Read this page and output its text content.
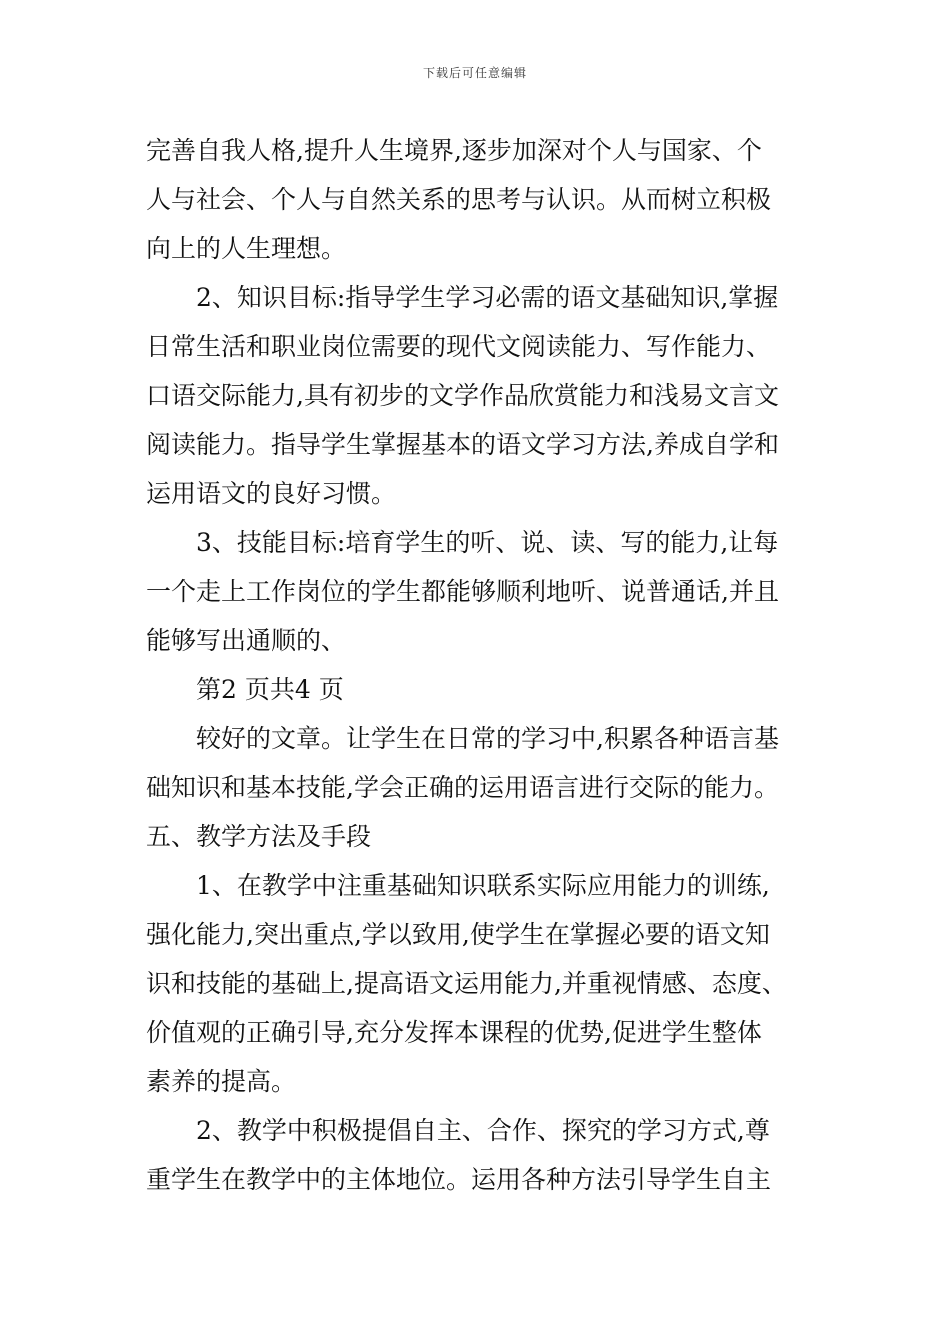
下载后可任意编辑
完善自我人格,提升人生境界,逐步加深对个人与国家、个
人与社会、个人与自然关系的思考与认识。从而树立积极
向上的人生理想。
2、知识目标:指导学生学习必需的语文基础知识,掌握
日常生活和职业岗位需要的现代文阅读能力、写作能力、
口语交际能力,具有初步的文学作品欣赏能力和浅易文言文
阅读能力。指导学生掌握基本的语文学习方法,养成自学和
运用语文的良好习惯。
3、技能目标:培育学生的听、说、读、写的能力,让每
一个走上工作岗位的学生都能够顺利地听、说普通话,并且
能够写出通顺的、
第2 页共4 页
较好的文章。让学生在日常的学习中,积累各种语言基
础知识和基本技能,学会正确的运用语言进行交际的能力。
五、教学方法及手段
1、在教学中注重基础知识联系实际应用能力的训练,
强化能力,突出重点,学以致用,使学生在掌握必要的语文知
识和技能的基础上,提高语文运用能力,并重视情感、态度、
价值观的正确引导,充分发挥本课程的优势,促进学生整体
素养的提高。
2、教学中积极提倡自主、合作、探究的学习方式,尊
重学生在教学中的主体地位。运用各种方法引导学生自主
